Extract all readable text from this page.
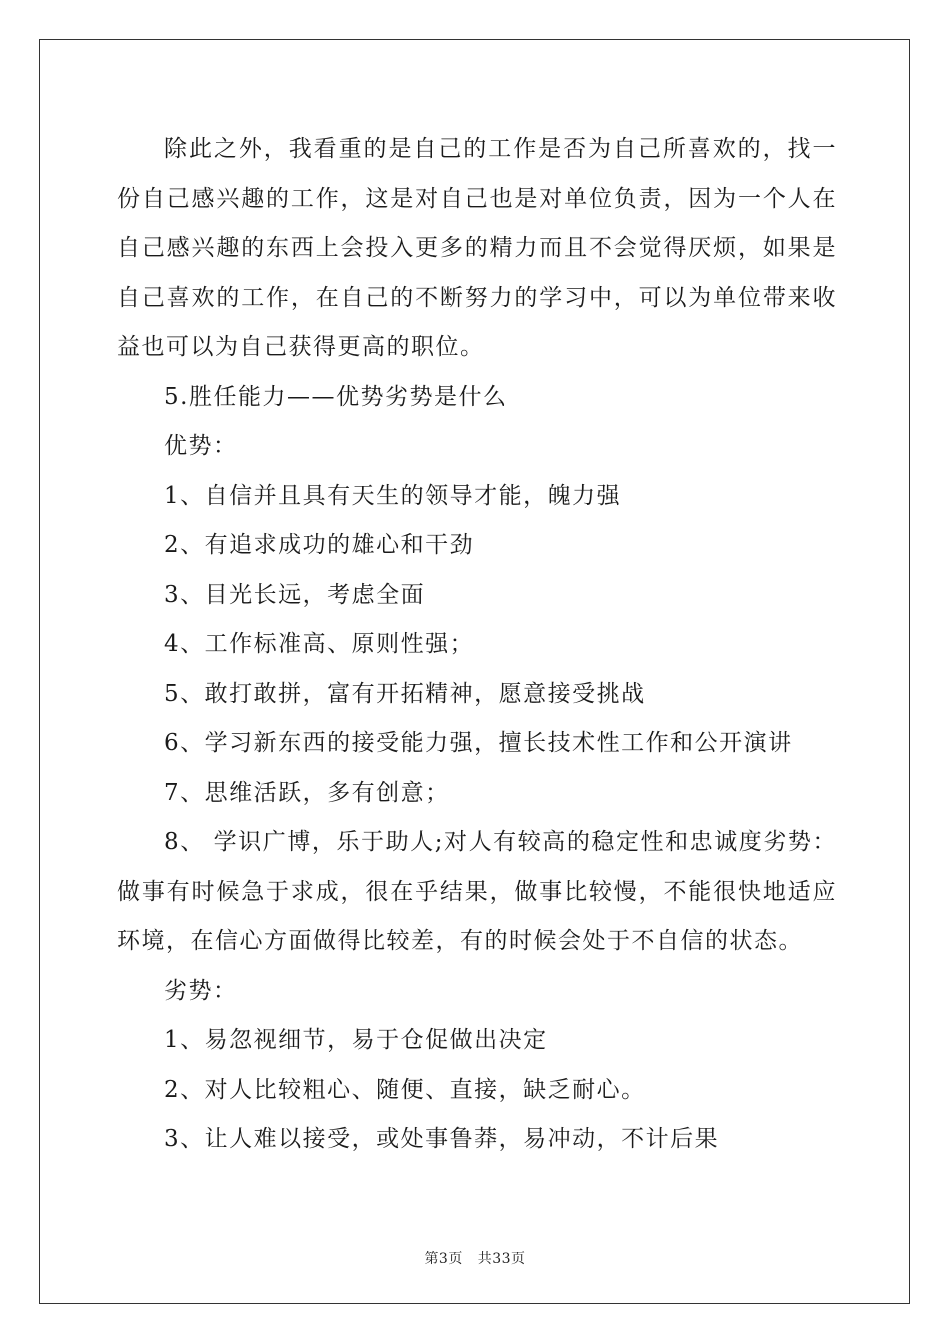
除此之外，我看重的是自己的工作是否为自己所喜欢的，找一份自己感兴趣的工作，这是对自己也是对单位负责，因为一个人在自己感兴趣的东西上会投入更多的精力而且不会觉得厌烦，如果是自己喜欢的工作，在自己的不断努力的学习中，可以为单位带来收益也可以为自己获得更高的职位。

5.胜任能力——优势劣势是什么

优势：

1、自信并且具有天生的领导才能，魄力强

2、有追求成功的雄心和干劲

3、目光长远，考虑全面

4、工作标准高、原则性强；

5、敢打敢拼，富有开拓精神，愿意接受挑战

6、学习新东西的接受能力强，擅长技术性工作和公开演讲

7、思维活跃，多有创意；

8、 学识广博，乐于助人;对人有较高的稳定性和忠诚度劣势：做事有时候急于求成，很在乎结果，做事比较慢，不能很快地适应环境，在信心方面做得比较差，有的时候会处于不自信的状态。

劣势：

1、易忽视细节，易于仓促做出决定

2、对人比较粗心、随便、直接，缺乏耐心。

3、让人难以接受，或处事鲁莽，易冲动，不计后果

第3页 共33页
